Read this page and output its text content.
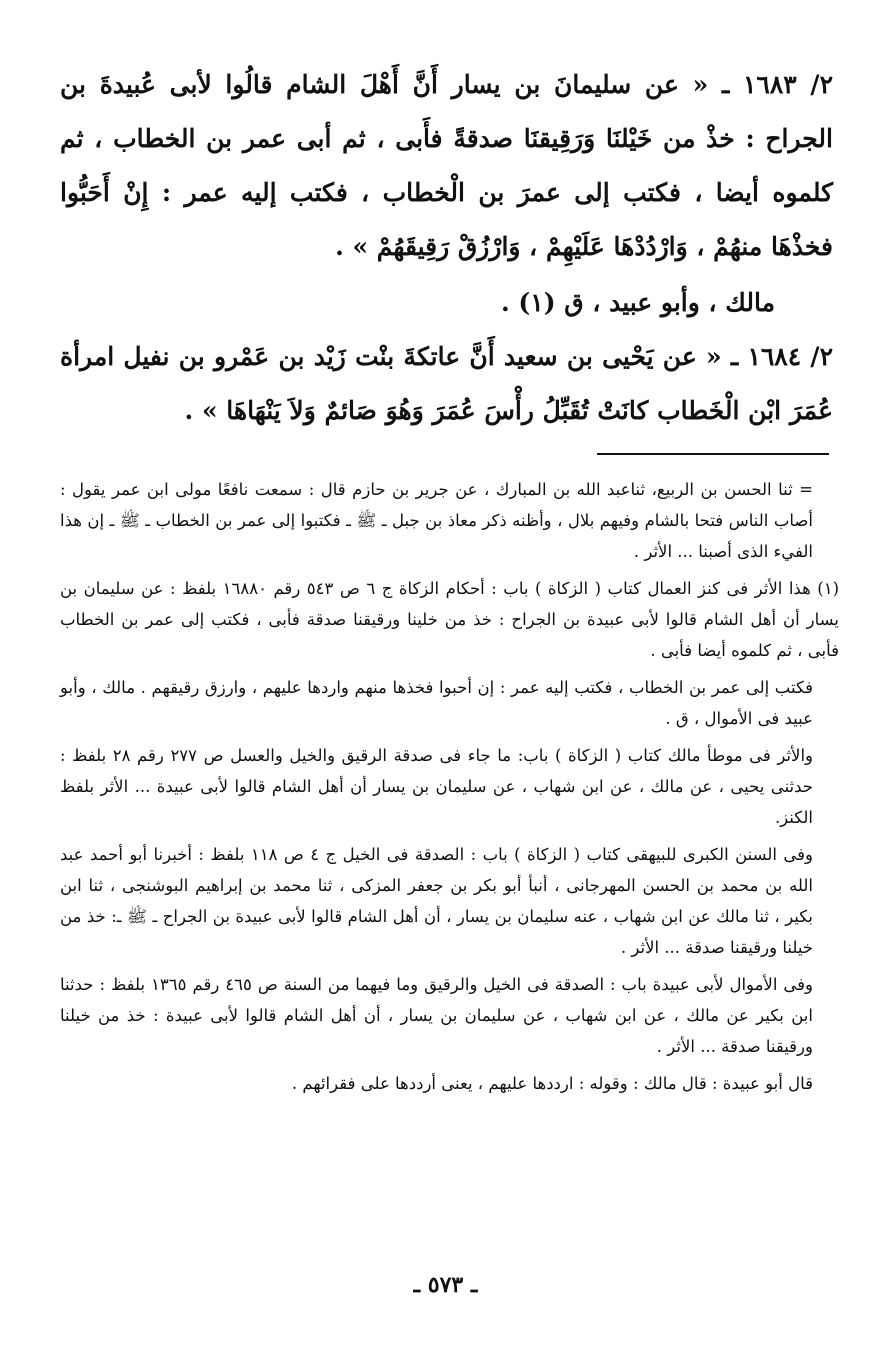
٢/ ١٦٨٣ ـ « عن سليمانَ بن يسار أَنَّ أَهْلَ الشام قالُوا لأبى عُبيدةَ بن الجراح : خذْ من خَيْلنَا وَرَقِيقنَا صدقةً فأَبى ، ثم أبى عمر بن الخطاب ، ثم كلموه أيضا ، فكتب إلى عمرَ بن الْخطاب ، فكتب إليه عمر : إِنْ أَحَبُّوا فخذْهَا منهُمْ ، وَارْدُدْهَا عَلَيْهِمْ ، وَارْزُقْ رَقِيقَهُمْ » .

مالك ، وأبو عبيد ، ق (١) .

٢/ ١٦٨٤ ـ « عن يَحْيى بن سعيد أَنَّ عاتكةَ بنْت زَيْد بن عَمْرو بن نفيل امرأة عُمَرَ ابْن الْخَطاب كانَتْ تُقَبِّلُ رأْسَ عُمَرَ وَهُوَ صَائمٌ وَلاَ يَنْهَاهَا » .

= ثنا الحسن بن الربيع، ثناعبد الله بن المبارك ، عن جرير بن حازم قال : سمعت نافعًا مولى ابن عمر يقول : أصاب الناس فتحا بالشام وفيهم بلال ، وأظنه ذكر معاذ بن جبل ـ ﷺ ـ فكتبوا إلى عمر بن الخطاب ـ ﷺ ـ إن هذا الفيء الذى أصبنا ... الأثر .

(١) هذا الأثر فى كنز العمال كتاب ( الزكاة ) باب : أحكام الزكاة ج ٦ ص ٥٤٣ رقم ١٦٨٨٠ بلفظ : عن سليمان بن يسار أن أهل الشام قالوا لأبى عبيدة بن الجراح : خذ من خلينا ورقيقنا صدقة فأبى ، فكتب إلى عمر بن الخطاب فأبى ، ثم كلموه أيضا فأبى .

فكتب إلى عمر بن الخطاب ، فكتب إليه عمر : إن أحبوا فخذها منهم واردها عليهم ، وارزق رقيقهم . مالك ، وأبو عبيد فى الأموال ، ق .

والأثر فى موطأ مالك كتاب ( الزكاة ) باب: ما جاء فى صدقة الرقيق والخيل والعسل ص ٢٧٧ رقم ٢٨ بلفظ : حدثنى يحيى ، عن مالك ، عن ابن شهاب ، عن سليمان بن يسار أن أهل الشام قالوا لأبى عبيدة ... الأثر بلفظ الكنز.

وفى السنن الكبرى للبيهقى كتاب ( الزكاة ) باب : الصدقة فى الخيل ج ٤ ص ١١٨ بلفظ : أخبرنا أبو أحمد عبد الله بن محمد بن الحسن المهرجانى ، أنبأ أبو بكر بن جعفر المزكى ، ثنا محمد بن إبراهيم البوشنجى ، ثنا ابن بكير ، ثنا مالك عن ابن شهاب ، عنه سليمان بن يسار ، أن أهل الشام قالوا لأبى عبيدة بن الجراح ـ ﷺ ـ: خذ من خيلنا ورقيقنا صدقة ... الأثر .

وفى الأموال لأبى عبيدة باب : الصدقة فى الخيل والرقيق وما فيهما من السنة ص ٤٦٥ رقم ١٣٦٥ بلفظ : حدثنا ابن بكير عن مالك ، عن ابن شهاب ، عن سليمان بن يسار ، أن أهل الشام قالوا لأبى عبيدة : خذ من خيلنا ورقيقنا صدقة ... الأثر .

قال أبو عبيدة : قال مالك : وقوله : ارددها عليهم ، يعنى أرددها على فقرائهم .

ـ ٥٧٣ ـ
